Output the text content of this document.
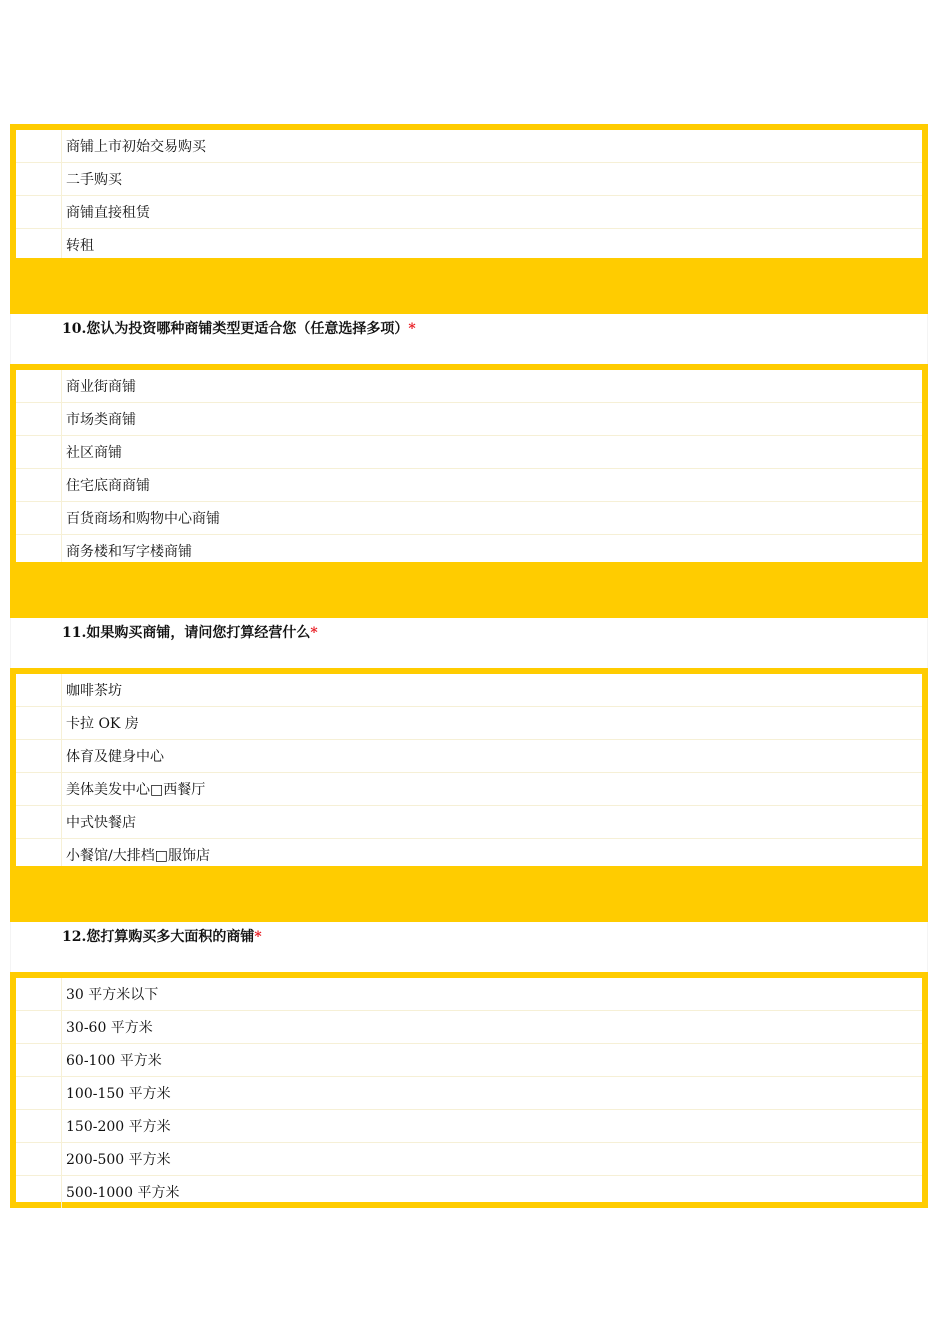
商铺上市初始交易购买
二手购买
商铺直接租赁
转租
10.您认为投资哪种商铺类型更适合您（任意选择多项）*
商业街商铺
市场类商铺
社区商铺
住宅底商商铺
百货商场和购物中心商铺
商务楼和写字楼商铺
11.如果购买商铺，请问您打算经营什么*
咖啡茶坊
卡拉 OK 房
体育及健身中心
美体美发中心□西餐厅
中式快餐店
小餐馆/大排档□服饰店
12.您打算购买多大面积的商铺*
30 平方米以下
30-60 平方米
60-100 平方米
100-150 平方米
150-200 平方米
200-500 平方米
500-1000 平方米
